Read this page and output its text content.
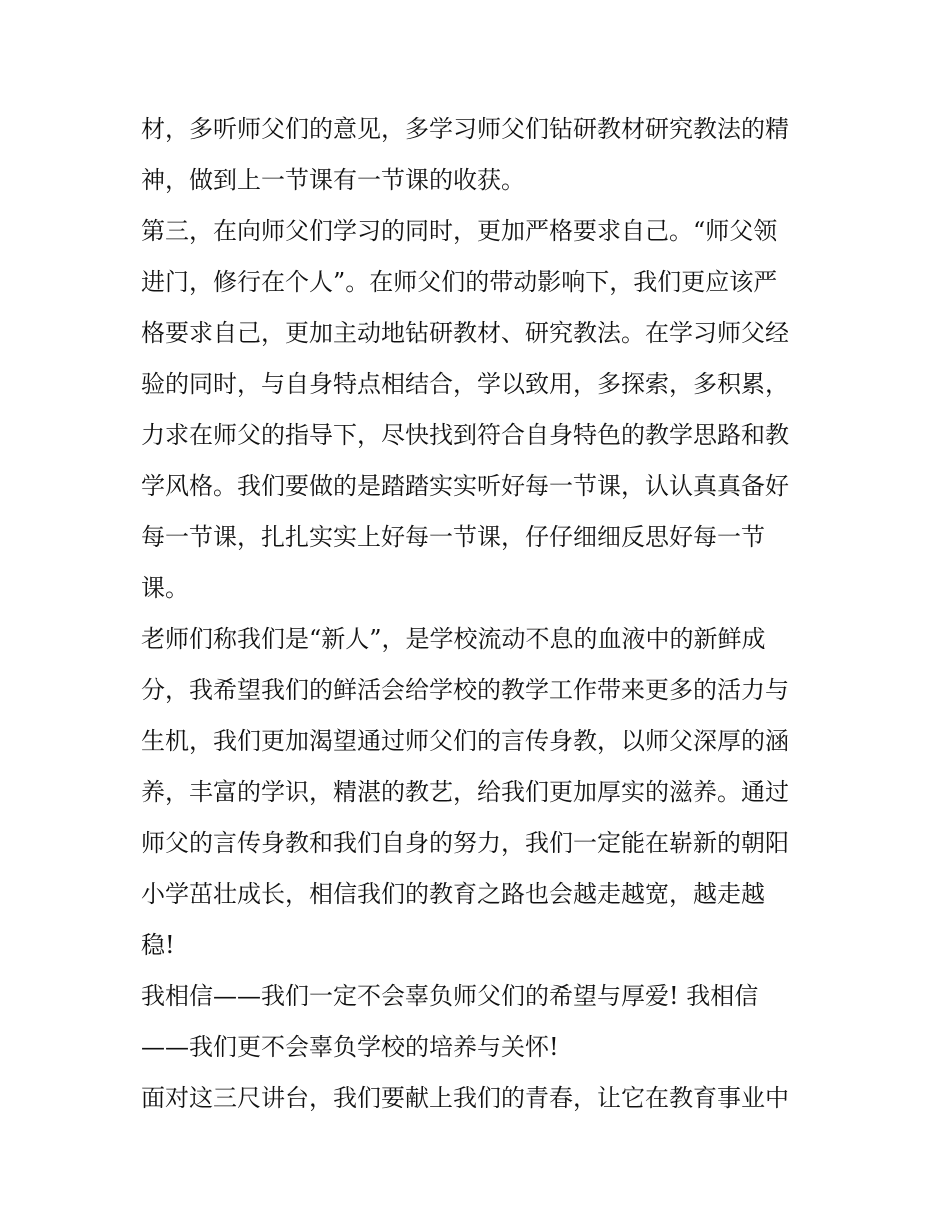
材，多听师父们的意见，多学习师父们钻研教材研究教法的精
神，做到上一节课有一节课的收获。
第三，在向师父们学习的同时，更加严格要求自己。“师父领
进门，修行在个人”。在师父们的带动影响下，我们更应该严
格要求自己，更加主动地钻研教材、研究教法。在学习师父经
验的同时，与自身特点相结合，学以致用，多探索，多积累，
力求在师父的指导下，尽快找到符合自身特色的教学思路和教
学风格。我们要做的是踏踏实实听好每一节课，认认真真备好
每一节课，扎扎实实上好每一节课，仔仔细细反思好每一节
课。
老师们称我们是“新人”，是学校流动不息的血液中的新鲜成
分，我希望我们的鲜活会给学校的教学工作带来更多的活力与
生机，我们更加渴望通过师父们的言传身教，以师父深厚的涵
养，丰富的学识，精湛的教艺，给我们更加厚实的滋养。通过
师父的言传身教和我们自身的努力，我们一定能在崭新的朝阳
小学茁壮成长，相信我们的教育之路也会越走越宽，越走越
稳!
我相信——我们一定不会辜负师父们的希望与厚爱! 我相信
——我们更不会辜负学校的培养与关怀!
面对这三尺讲台，我们要献上我们的青春，让它在教育事业中
